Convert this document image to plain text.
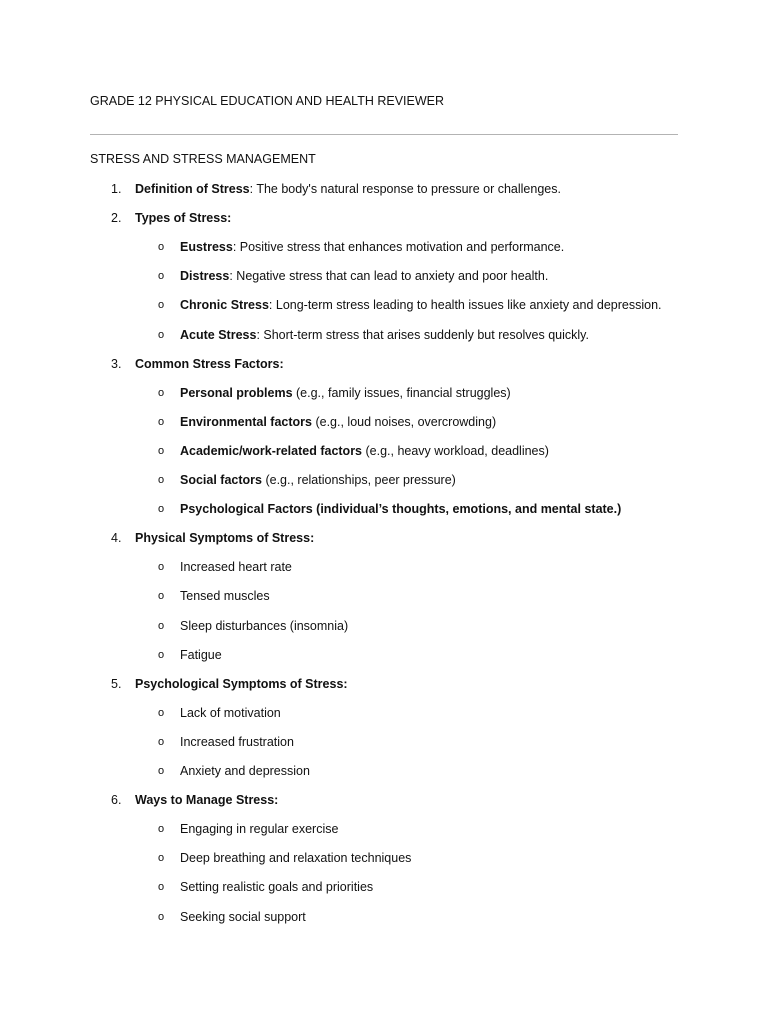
GRADE 12 PHYSICAL EDUCATION AND HEALTH REVIEWER
STRESS AND STRESS MANAGEMENT
1.	Definition of Stress: The body's natural response to pressure or challenges.
2.	Types of Stress:
o	Eustress: Positive stress that enhances motivation and performance.
o	Distress: Negative stress that can lead to anxiety and poor health.
o	Chronic Stress: Long-term stress leading to health issues like anxiety and depression.
o	Acute Stress: Short-term stress that arises suddenly but resolves quickly.
3.	Common Stress Factors:
o	Personal problems (e.g., family issues, financial struggles)
o	Environmental factors (e.g., loud noises, overcrowding)
o	Academic/work-related factors (e.g., heavy workload, deadlines)
o	Social factors (e.g., relationships, peer pressure)
o	Psychological Factors (individual’s thoughts, emotions, and mental state.)
4.	Physical Symptoms of Stress:
o	Increased heart rate
o	Tensed muscles
o	Sleep disturbances (insomnia)
o	Fatigue
5.	Psychological Symptoms of Stress:
o	Lack of motivation
o	Increased frustration
o	Anxiety and depression
6.	Ways to Manage Stress:
o	Engaging in regular exercise
o	Deep breathing and relaxation techniques
o	Setting realistic goals and priorities
o	Seeking social support
